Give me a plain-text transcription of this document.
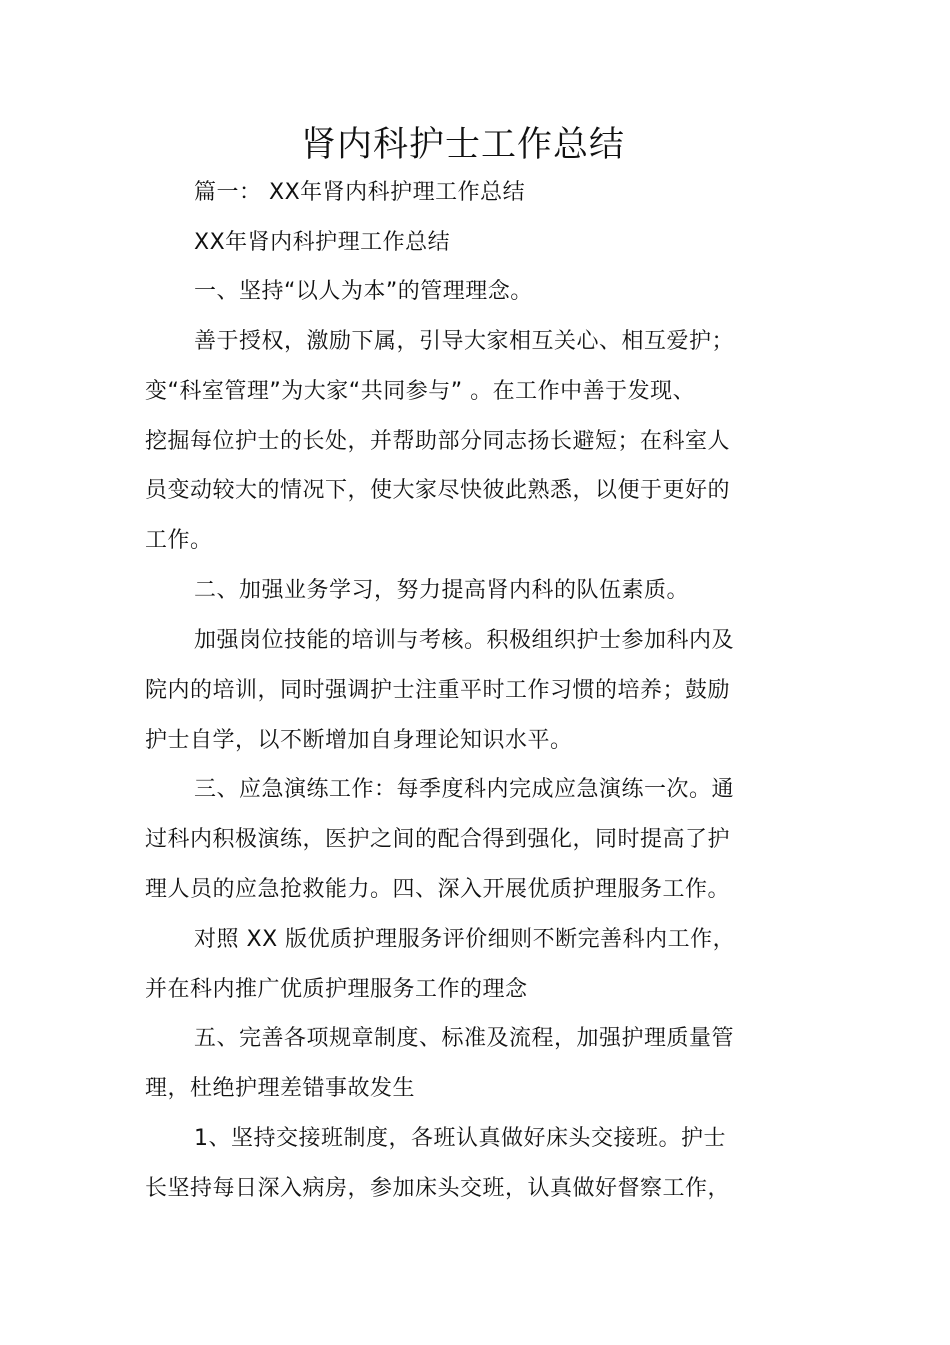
肾内科护士工作总结
篇一： XX年肾内科护理工作总结
XX年肾内科护理工作总结
一、坚持“以人为本”的管理理念。
善于授权，激励下属，引导大家相互关心、相互爱护；
变“科室管理”为大家“共同参与” 。在工作中善于发现、
挖掘每位护士的长处，并帮助部分同志扬长避短；在科室人
员变动较大的情况下，使大家尽快彼此熟悉，以便于更好的
工作。
二、加强业务学习，努力提高肾内科的队伍素质。
加强岗位技能的培训与考核。积极组织护士参加科内及
院内的培训，同时强调护士注重平时工作习惯的培养；鼓励
护士自学，以不断增加自身理论知识水平。
三、应急演练工作：每季度科内完成应急演练一次。通
过科内积极演练，医护之间的配合得到强化，同时提高了护
理人员的应急抢救能力。四、深入开展优质护理服务工作。
对照 XX 版优质护理服务评价细则不断完善科内工作，
并在科内推广优质护理服务工作的理念
五、完善各项规章制度、标准及流程，加强护理质量管
理，杜绝护理差错事故发生
1、坚持交接班制度，各班认真做好床头交接班。护士
长坚持每日深入病房，参加床头交班，认真做好督察工作，
